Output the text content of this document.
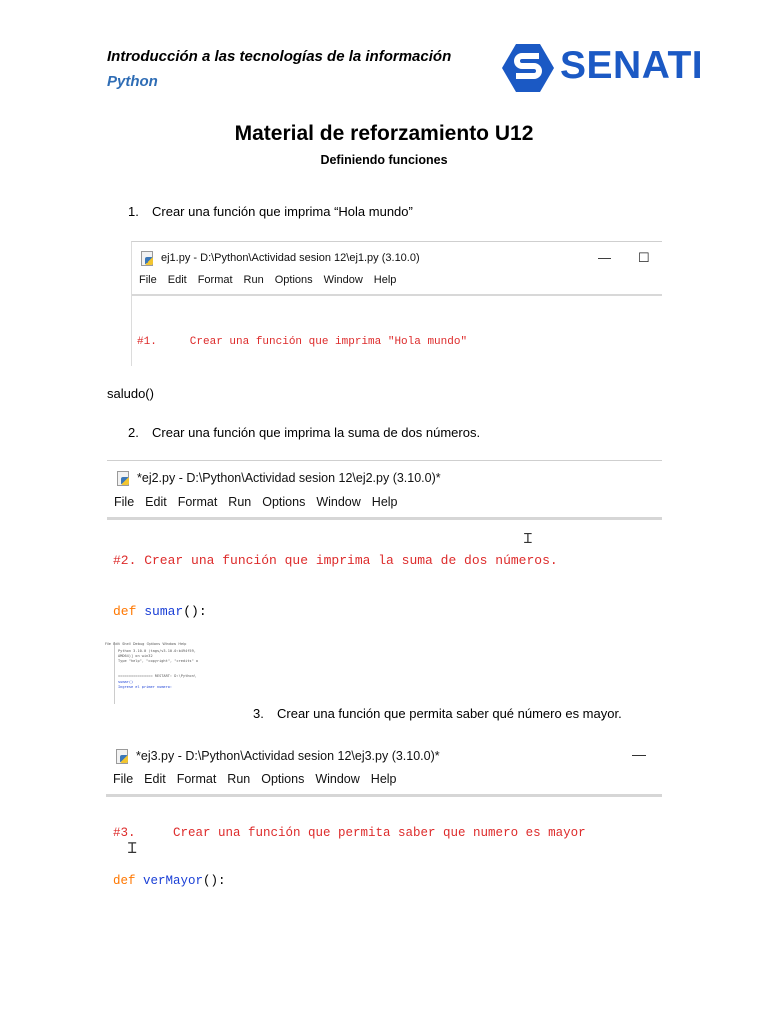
Introducción a las tecnologías de la información
Python	SENATI
Material de reforzamiento U12
Definiendo funciones
1. Crear una función que imprima “Hola mundo”
ej1.py - D:\Python\Actividad sesion 12\ej1.py (3.10.0)	— ☐
File Edit Format Run Options Window Help

#1.     Crear una función que imprima "Hola mundo"

saludo()
2. Crear una función que imprima la suma de dos números.
*ej2.py - D:\Python\Actividad sesion 12\ej2.py (3.10.0)*
File Edit Format Run Options Window Help

#2. Crear una función que imprima la suma de dos números.

def sumar():

Ɪ
File  Edit  Shell  Debug  Options  Window  Help
Python 3.10.0 (tags/v3.10.0:b494f59,
AMD64)] on win32
Type "help", "copyright", "credits" o
================ RESTART: D:\Python\
sumar()
Ingrese el primer numero:
3. Crear una función que permita saber qué número es mayor.
*ej3.py - D:\Python\Actividad sesion 12\ej3.py (3.10.0)*	—
File Edit Format Run Options Window Help

#3.     Crear una función que permita saber que numero es mayor

def verMayor():

Ɪ
